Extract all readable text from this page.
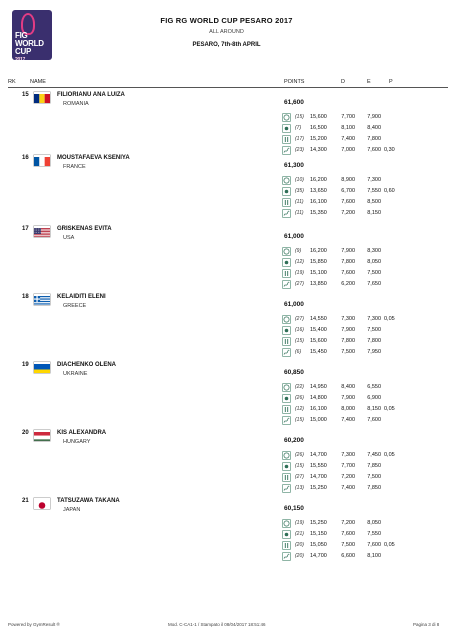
FIG
WORLD
CUP
2017
FIG RG WORLD CUP PESARO 2017
ALL AROUND
PESARO, 7th-8th APRIL
RK	NAME	POINTS	D	E	P
15	FILIORIANU ANA LUIZA
ROMANIA	61,600
(15) 15,600	7,700	7,900
(7) 16,500	8,100	8,400
(17) 15,200	7,400	7,800
(23) 14,300	7,000	7,600 0,30
16	MOUSTAFAEVA KSENIYA
FRANCE	61,300
(10) 16,200	8,900	7,300
(35) 13,650	6,700	7,550 0,60
(11) 16,100	7,600	8,500
(11) 15,350	7,200	8,150
17	GRISKENAS EVITA
USA	61,000
(9) 16,200	7,900	8,300
(12) 15,850	7,800	8,050
(19) 15,100	7,600	7,500
(27) 13,850	6,200	7,650
18	KELAIDITI ELENI
GREECE	61,000
(27) 14,550	7,300	7,300 0,05
(16) 15,400	7,900	7,500
(15) 15,600	7,800	7,800
(6) 15,450	7,500	7,950
19	DIACHENKO OLENA
UKRAINE	60,850
(22) 14,950	8,400	6,550
(26) 14,800	7,900	6,900
(12) 16,100	8,000	8,150 0,05
(15) 15,000	7,400	7,600
20	KIS ALEXANDRA
HUNGARY	60,200
(26) 14,700	7,300	7,450 0,05
(15) 15,550	7,700	7,850
(27) 14,700	7,200	7,500
(13) 15,250	7,400	7,850
21	TATSUZAWA TAKANA
JAPAN	60,150
(19) 15,250	7,200	8,050
(21) 15,150	7,600	7,550
(20) 15,050	7,500	7,600 0,05
(20) 14,700	6,600	8,100
Powered by GymResult ®	Mod. C-CA1-1 / Stampato il 08/04/2017 18:51:46	Pagina 3 di 8
